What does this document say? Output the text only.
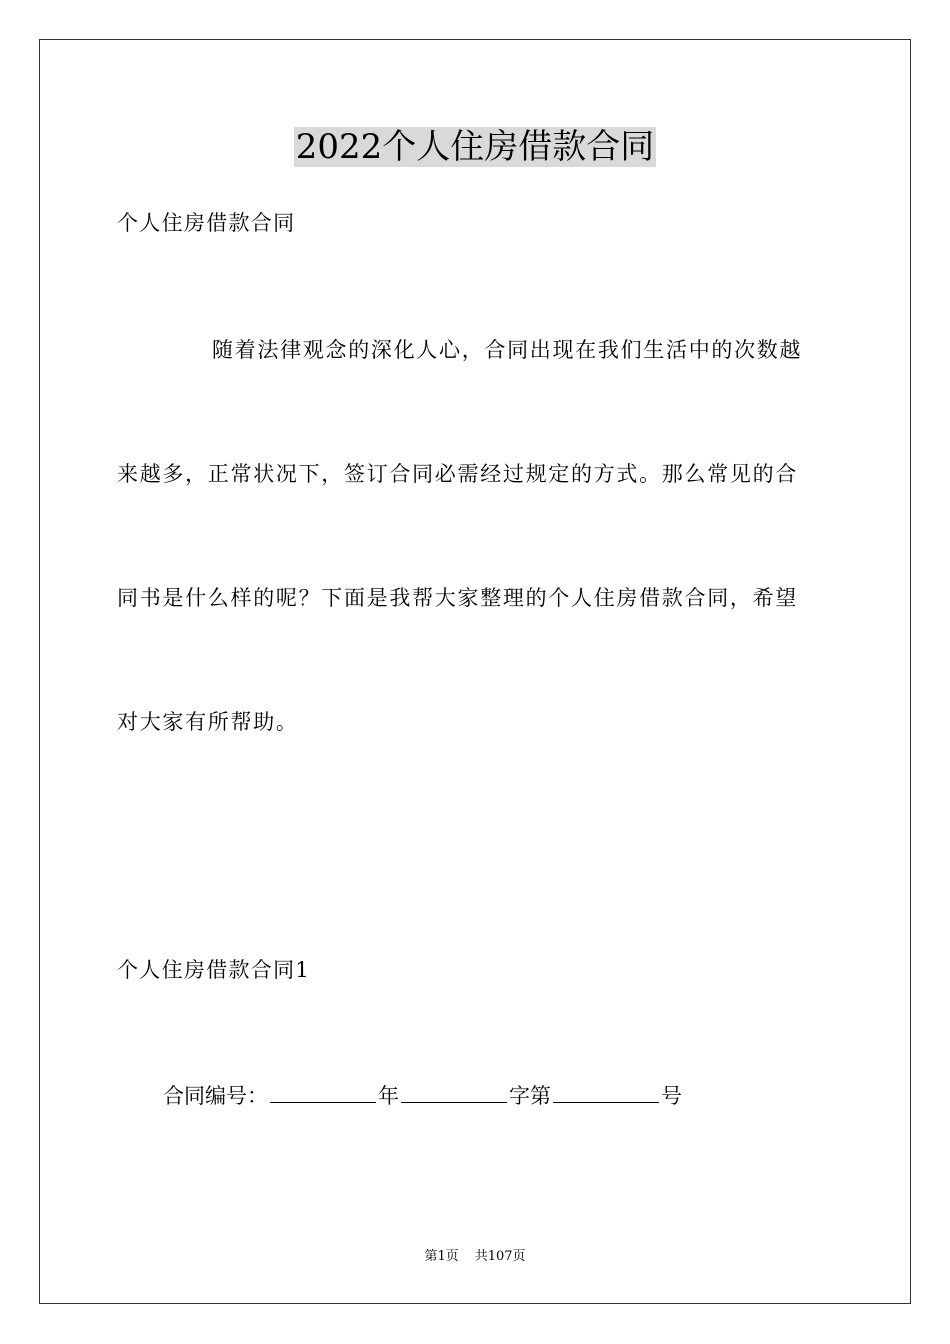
2022个人住房借款合同
个人住房借款合同
随着法律观念的深化人心，合同出现在我们生活中的次数越
来越多，正常状况下，签订合同必需经过规定的方式。那么常见的合
同书是什么样的呢？下面是我帮大家整理的个人住房借款合同，希望
对大家有所帮助。
个人住房借款合同1
合同编号：	年	字第	号
第1页 共107页
